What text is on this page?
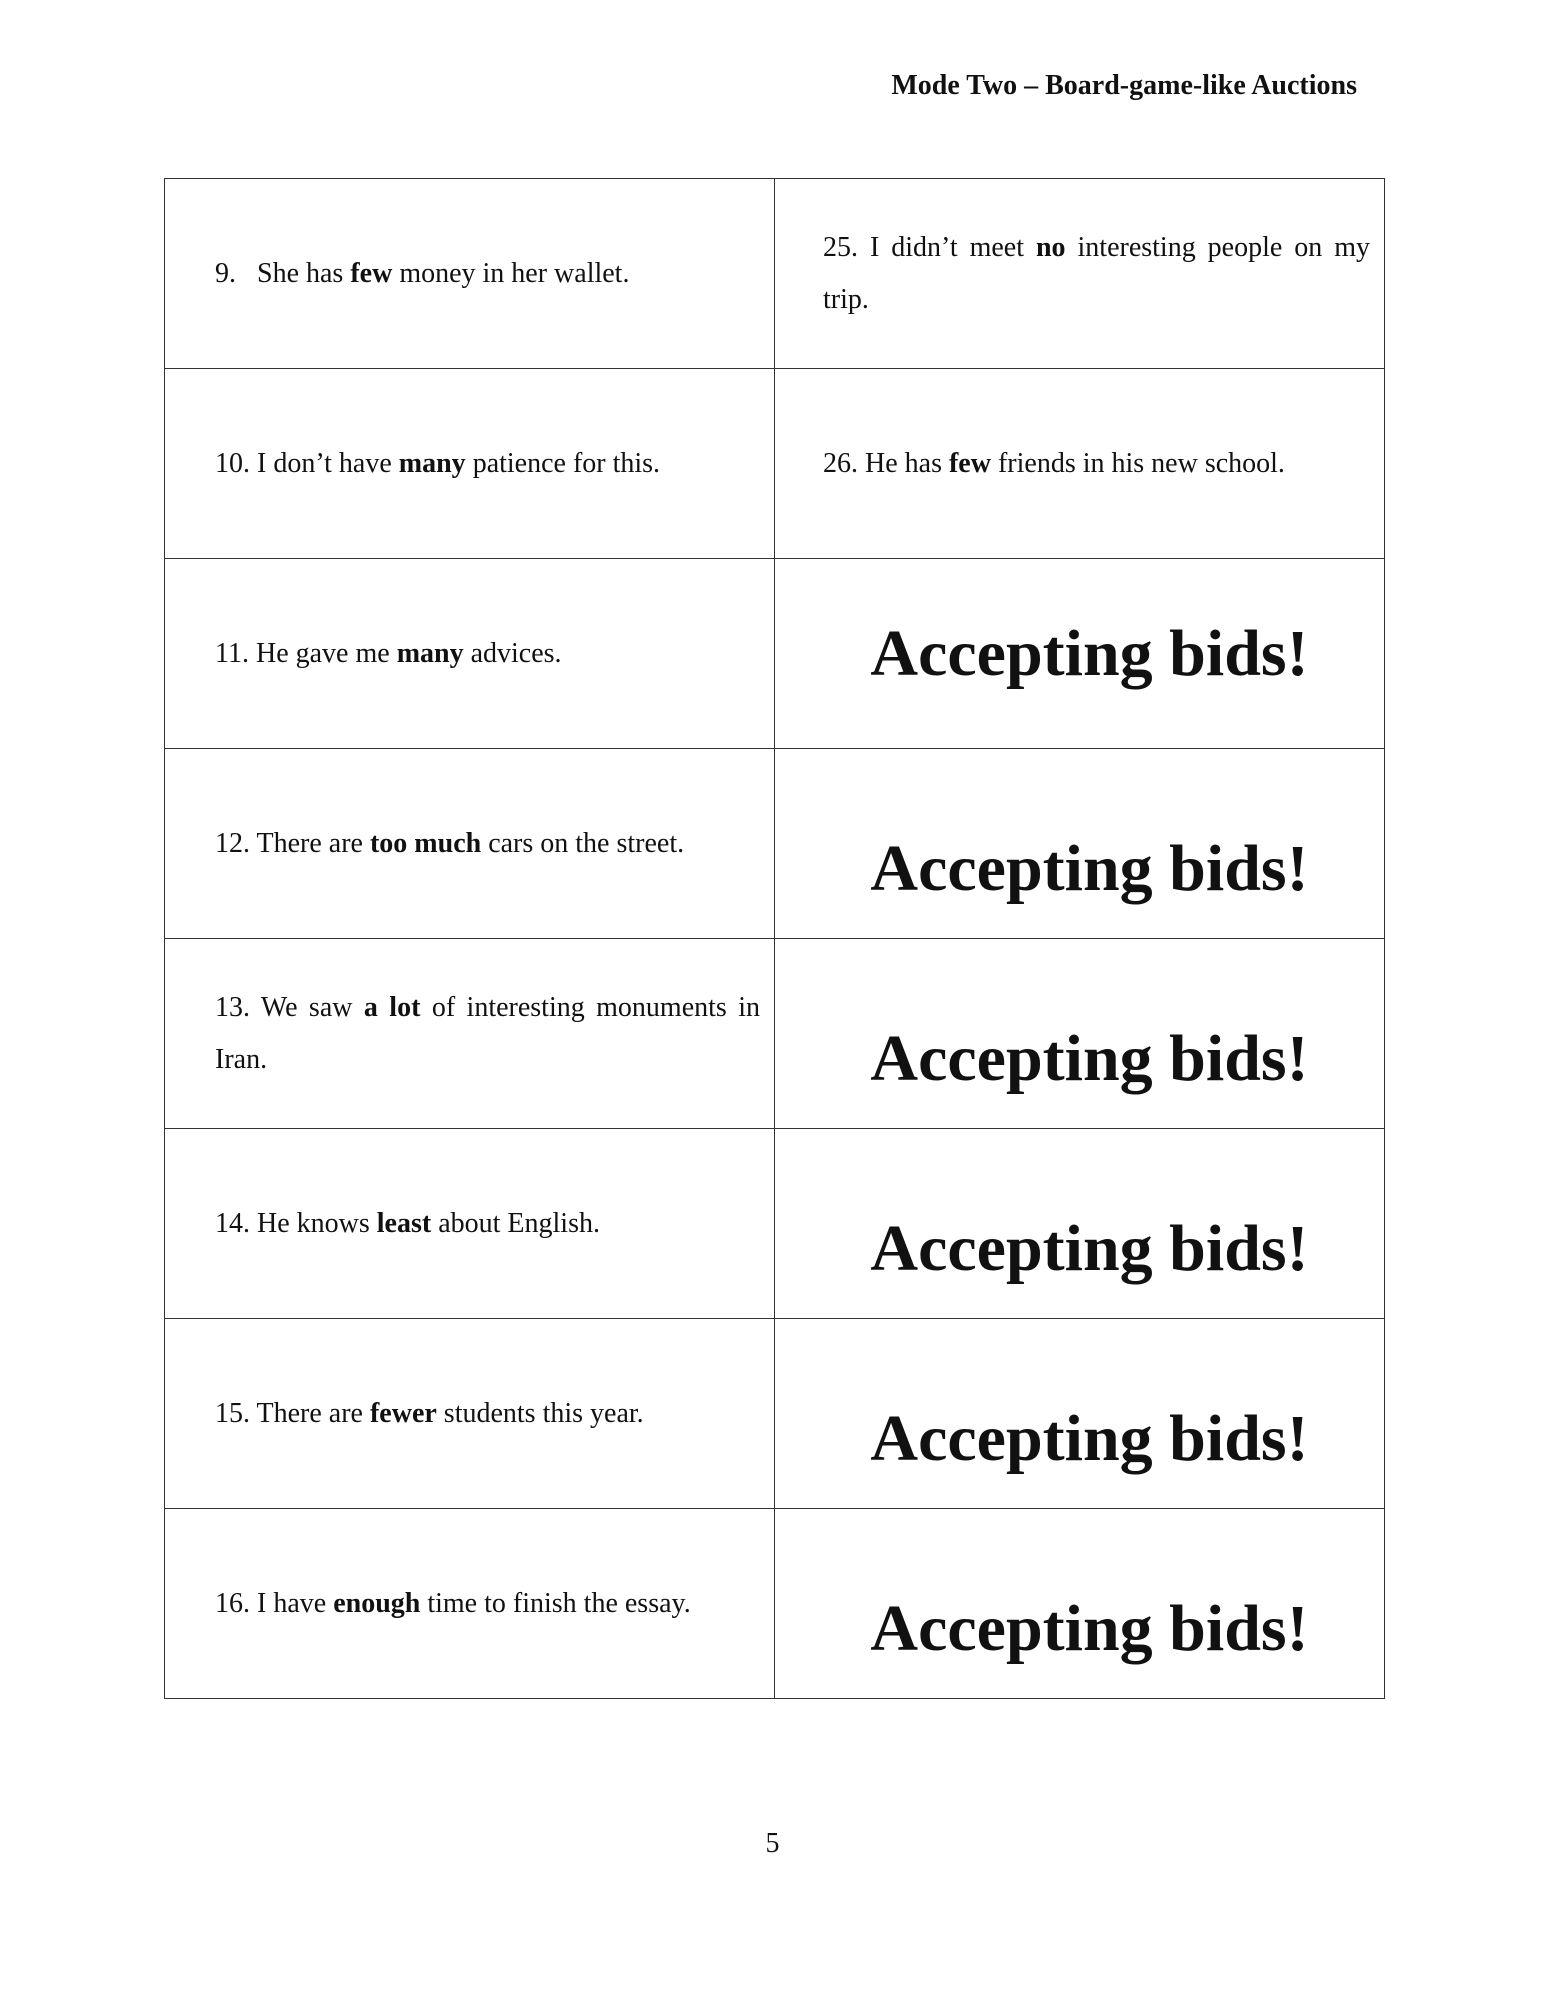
Mode Two – Board-game-like Auctions
9. She has few money in her wallet.	25. I didn’t meet no interesting people on my trip.

10. I don’t have many patience for this.	26. He has few friends in his new school.

11. He gave me many advices.	Accepting bids!

12. There are too much cars on the street.	Accepting bids!

13. We saw a lot of interesting monuments in Iran.	Accepting bids!

14. He knows least about English.	Accepting bids!

15. There are fewer students this year.	Accepting bids!

16. I have enough time to finish the essay.	Accepting bids!
5
